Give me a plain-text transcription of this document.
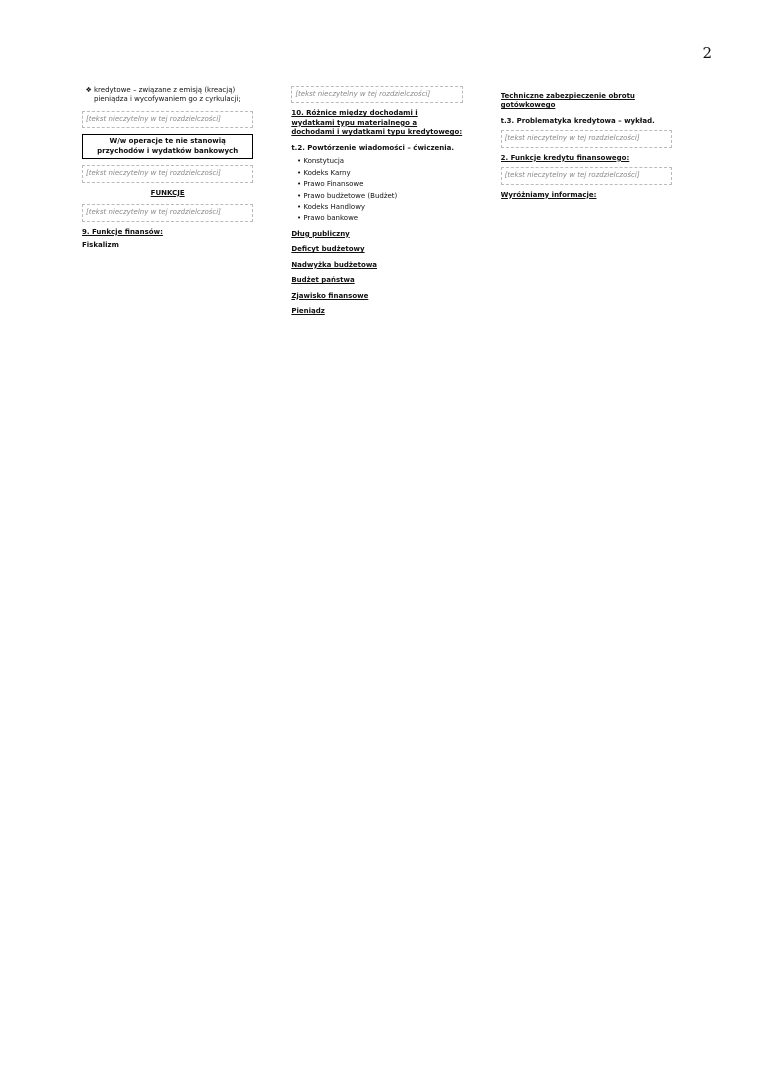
2
• kredytowe – związane z emisją (kreacją) pieniądza i wycofywaniem go z cyrkulacji;
[tekst nieczytelny w tej rozdzielczości]
W/w operacje te nie stanowią przychodów i wydatków bankowych
[tekst nieczytelny w tej rozdzielczości]
FUNKCJE
[tekst nieczytelny w tej rozdzielczości]
9. Funkcje finansów:
Fiskalizm
[tekst nieczytelny w tej rozdzielczości]
10. Różnice między dochodami i wydatkami typu materialnego a dochodami i wydatkami typu kredytowego:
t.2. Powtórzenie wiadomości – ćwiczenia.
• Konstytucja
• Kodeks Karny
• Prawo Finansowe
• Prawo budżetowe (Budżet)
• Kodeks Handlowy
• Prawo bankowe
Dług publiczny
Deficyt budżetowy
Nadwyżka budżetowa
Budżet państwa
Zjawisko finansowe
Pieniądz
Techniczne zabezpieczenie obrotu gotówkowego
t.3. Problematyka kredytowa – wykład.
[tekst nieczytelny w tej rozdzielczości]
2. Funkcje kredytu finansowego:
[tekst nieczytelny w tej rozdzielczości]
Wyróżniamy informacje:
